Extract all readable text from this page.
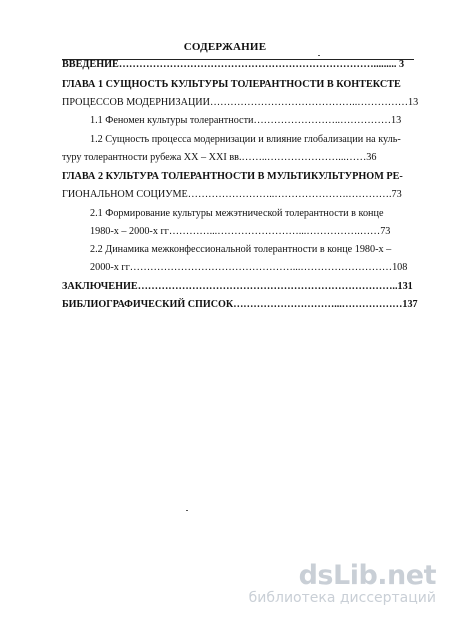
СОДЕРЖАНИЕ
ВВЕДЕНИЕ…………………………………………………………………......... 3
ГЛАВА 1 СУЩНОСТЬ КУЛЬТУРЫ ТОЛЕРАНТНОСТИ В КОНТЕКСТЕ
ПРОЦЕССОВ МОДЕРНИЗАЦИИ……………………………………..……………13
1.1 Феномен культуры толерантности……………………..……………13
1.2 Сущность процесса модернизации и влияние глобализации на куль-
туру толерантности рубежа XX – XXI вв.……..…………………...……36
ГЛАВА 2 КУЛЬТУРА ТОЛЕРАНТНОСТИ В МУЛЬТИКУЛЬТУРНОМ РЕ-
ГИОНАЛЬНОМ СОЦИУМЕ……………………..………………….………….73
2.1 Формирование культуры межэтнической толерантности в конце
1980-х – 2000-х гг…………...……………………...…………….……73
2.2 Динамика межконфессиональной толерантности в конце 1980-х –
2000-х гг…………………………………………...………………………108
ЗАКЛЮЧЕНИЕ…………………………………………………………………..131
БИБЛИОГРАФИЧЕСКИЙ СПИСОК…………………………...………………137
dsLib.net
библиотека диссертаций
